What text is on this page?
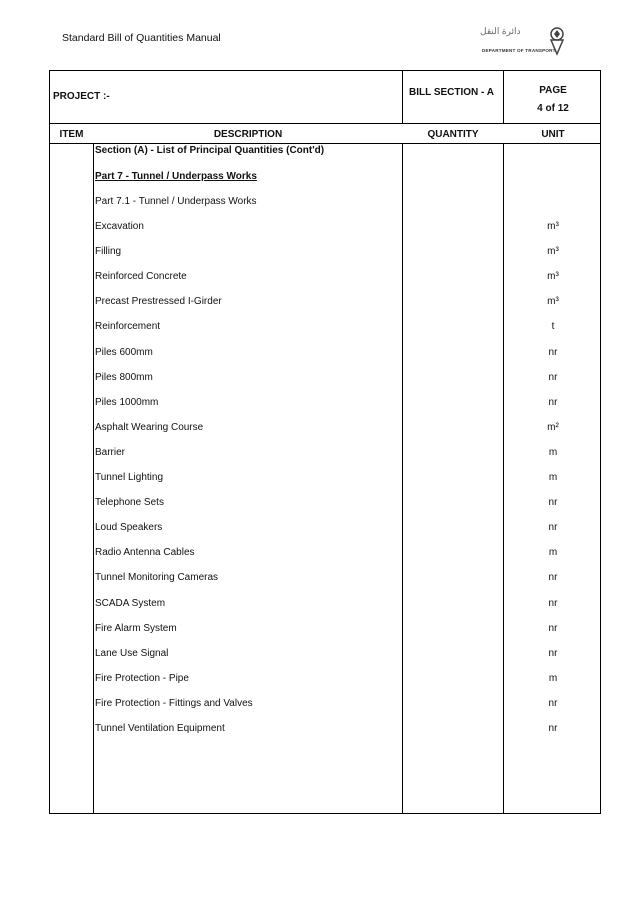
Standard Bill of Quantities Manual
دائرة النقل
DEPARTMENT OF TRANSPORT
PROJECT :-	BILL SECTION - A	PAGE
4 of 12
ITEM	DESCRIPTION	QUANTITY	UNIT
Section (A) - List of Principal Quantities (Cont'd)
Part 7 - Tunnel / Underpass Works
Part 7.1 - Tunnel / Underpass Works
Excavation	m³
Filling	m³
Reinforced Concrete	m³
Precast Prestressed I-Girder	m³
Reinforcement	t
Piles 600mm	nr
Piles 800mm	nr
Piles 1000mm	nr
Asphalt Wearing Course	m²
Barrier	m
Tunnel Lighting	m
Telephone Sets	nr
Loud Speakers	nr
Radio Antenna Cables	m
Tunnel Monitoring Cameras	nr
SCADA System	nr
Fire Alarm System	nr
Lane Use Signal	nr
Fire Protection - Pipe	m
Fire Protection - Fittings and Valves	nr
Tunnel Ventilation Equipment	nr
